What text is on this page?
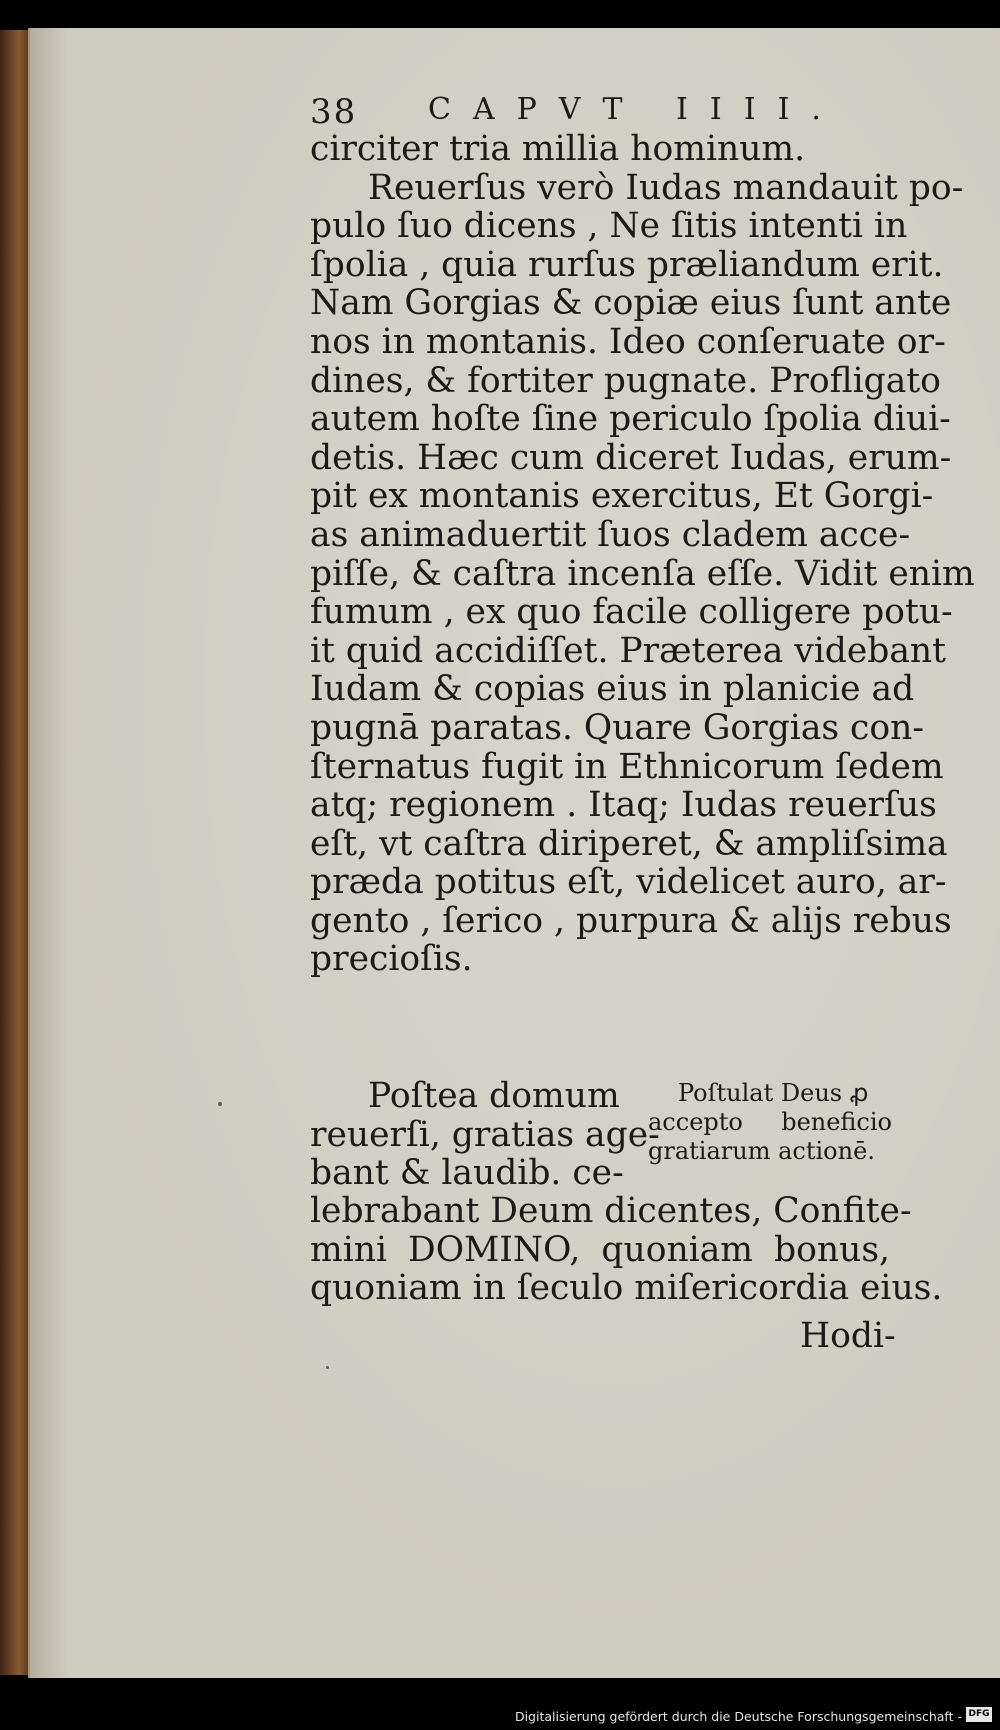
38 CAPVT IIII.
circiter tria millia hominum.
Reuerſus verò Iudas mandauit po-
pulo ſuo dicens , Ne ſitis intenti in
ſpolia , quia rurſus præliandum erit.
Nam Gorgias & copiæ eius ſunt ante
nos in montanis. Ideo conſeruate or-
dines, & fortiter pugnate. Profligato
autem hoſte ſine periculo ſpolia diui-
detis. Hæc cum diceret Iudas, erum-
pit ex montanis exercitus, Et Gorgi-
as animaduertit ſuos cladem acce-
piſſe, & caſtra incenſa eſſe. Vidit enim
fumum , ex quo facile colligere potu-
it quid accidiſſet. Præterea videbant
Iudam & copias eius in planicie ad
pugnā paratas. Quare Gorgias con-
ſternatus fugit in Ethnicorum ſedem
atq; regionem . Itaq; Iudas reuerſus
eſt, vt caſtra diriperet, & ampliſsima
præda potitus eſt, videlicet auro, ar-
gento , ſerico , purpura & alijs rebus
precioſis.
Poſtea domum
reuerſi, gratias age-
bant & laudib. ce-
Poſtulat Deus ꝓ
accepto beneficio
gratiarum actionē.
lebrabant Deum dicentes, Confite-
mini DOMINO, quoniam bonus,
quoniam in ſeculo miſericordia eius.
Hodi-
Digitalisierung gefördert durch die Deutsche Forschungsgemeinschaft - DFG
